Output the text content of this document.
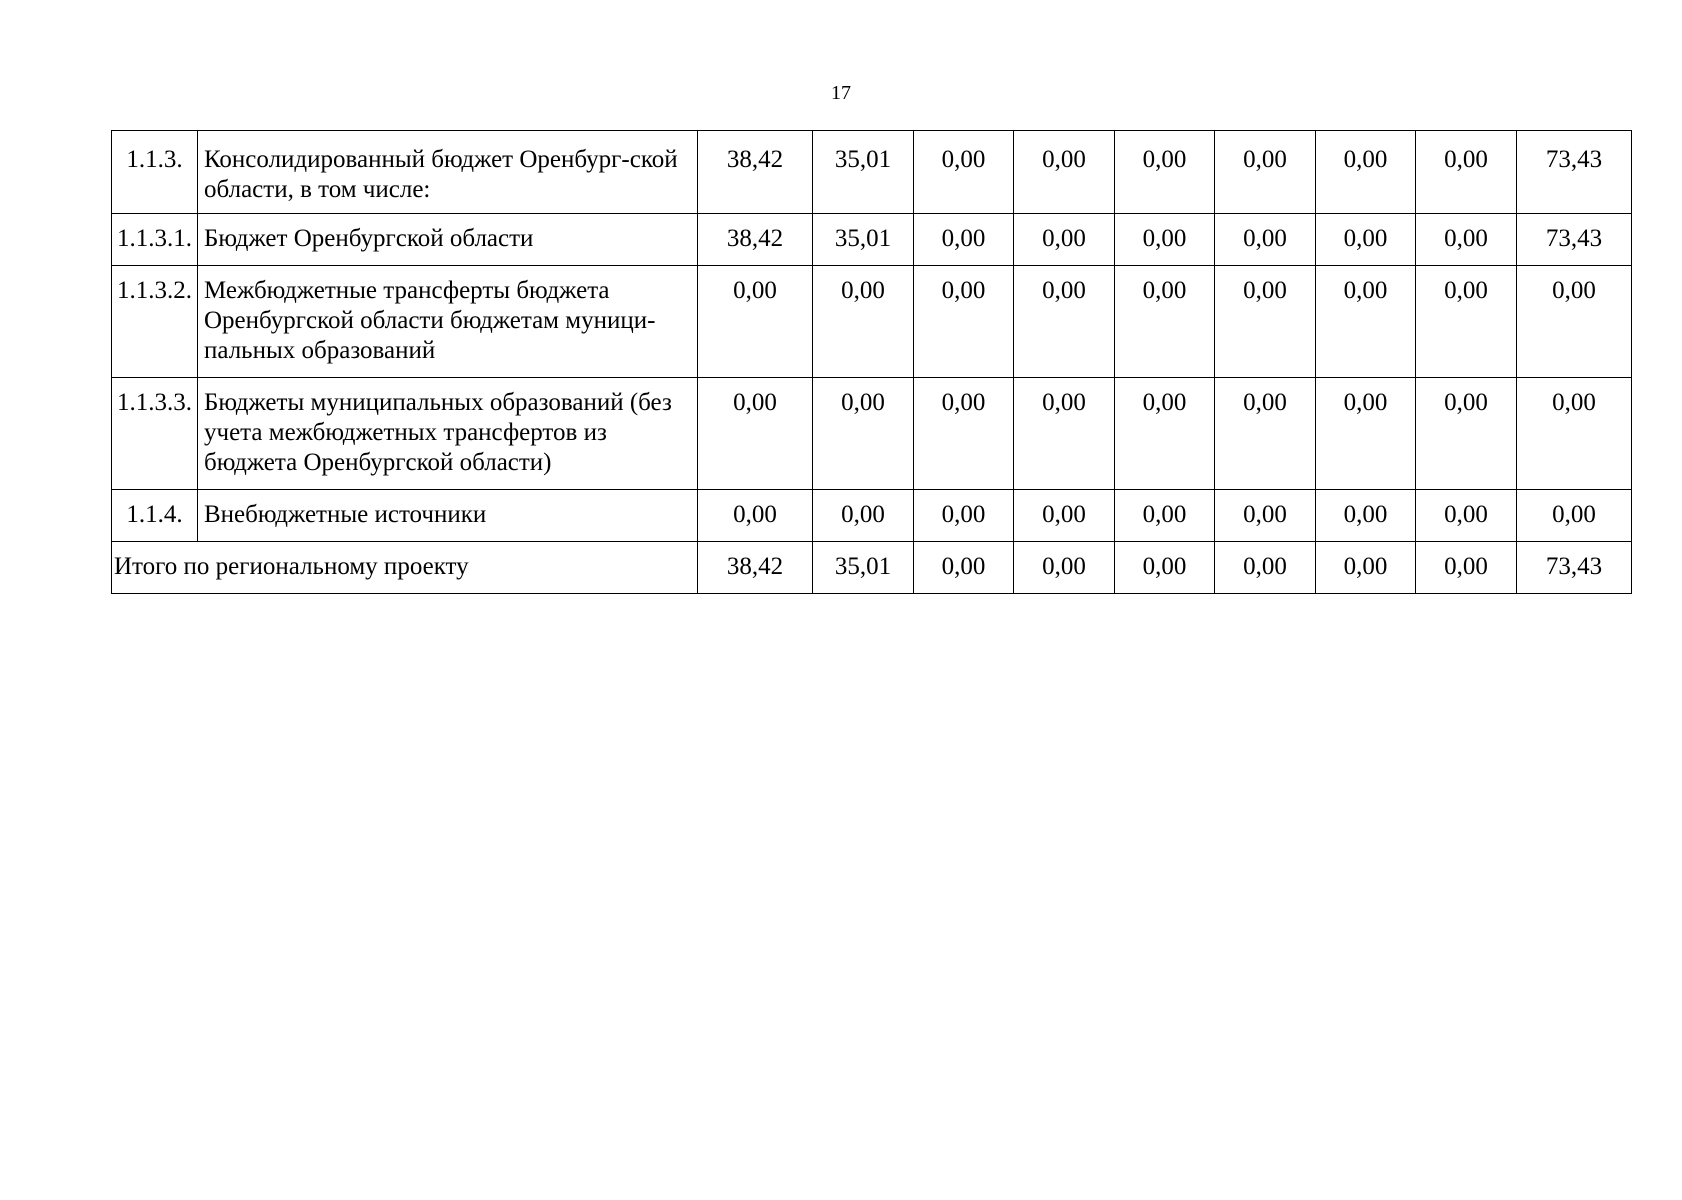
17
1.1.3.	Консолидированный бюджет Оренбург-ской области, в том числе:	38,42	35,01	0,00	0,00	0,00	0,00	0,00	0,00	73,43
1.1.3.1.	Бюджет Оренбургской области	38,42	35,01	0,00	0,00	0,00	0,00	0,00	0,00	73,43
1.1.3.2.	Межбюджетные трансферты бюджета Оренбургской области бюджетам муници-пальных образований	0,00	0,00	0,00	0,00	0,00	0,00	0,00	0,00	0,00
1.1.3.3.	Бюджеты муниципальных образований (без учета межбюджетных трансфертов из бюджета Оренбургской области)	0,00	0,00	0,00	0,00	0,00	0,00	0,00	0,00	0,00
1.1.4.	Внебюджетные источники	0,00	0,00	0,00	0,00	0,00	0,00	0,00	0,00	0,00
Итого по региональному проекту		38,42	35,01	0,00	0,00	0,00	0,00	0,00	0,00	73,43
